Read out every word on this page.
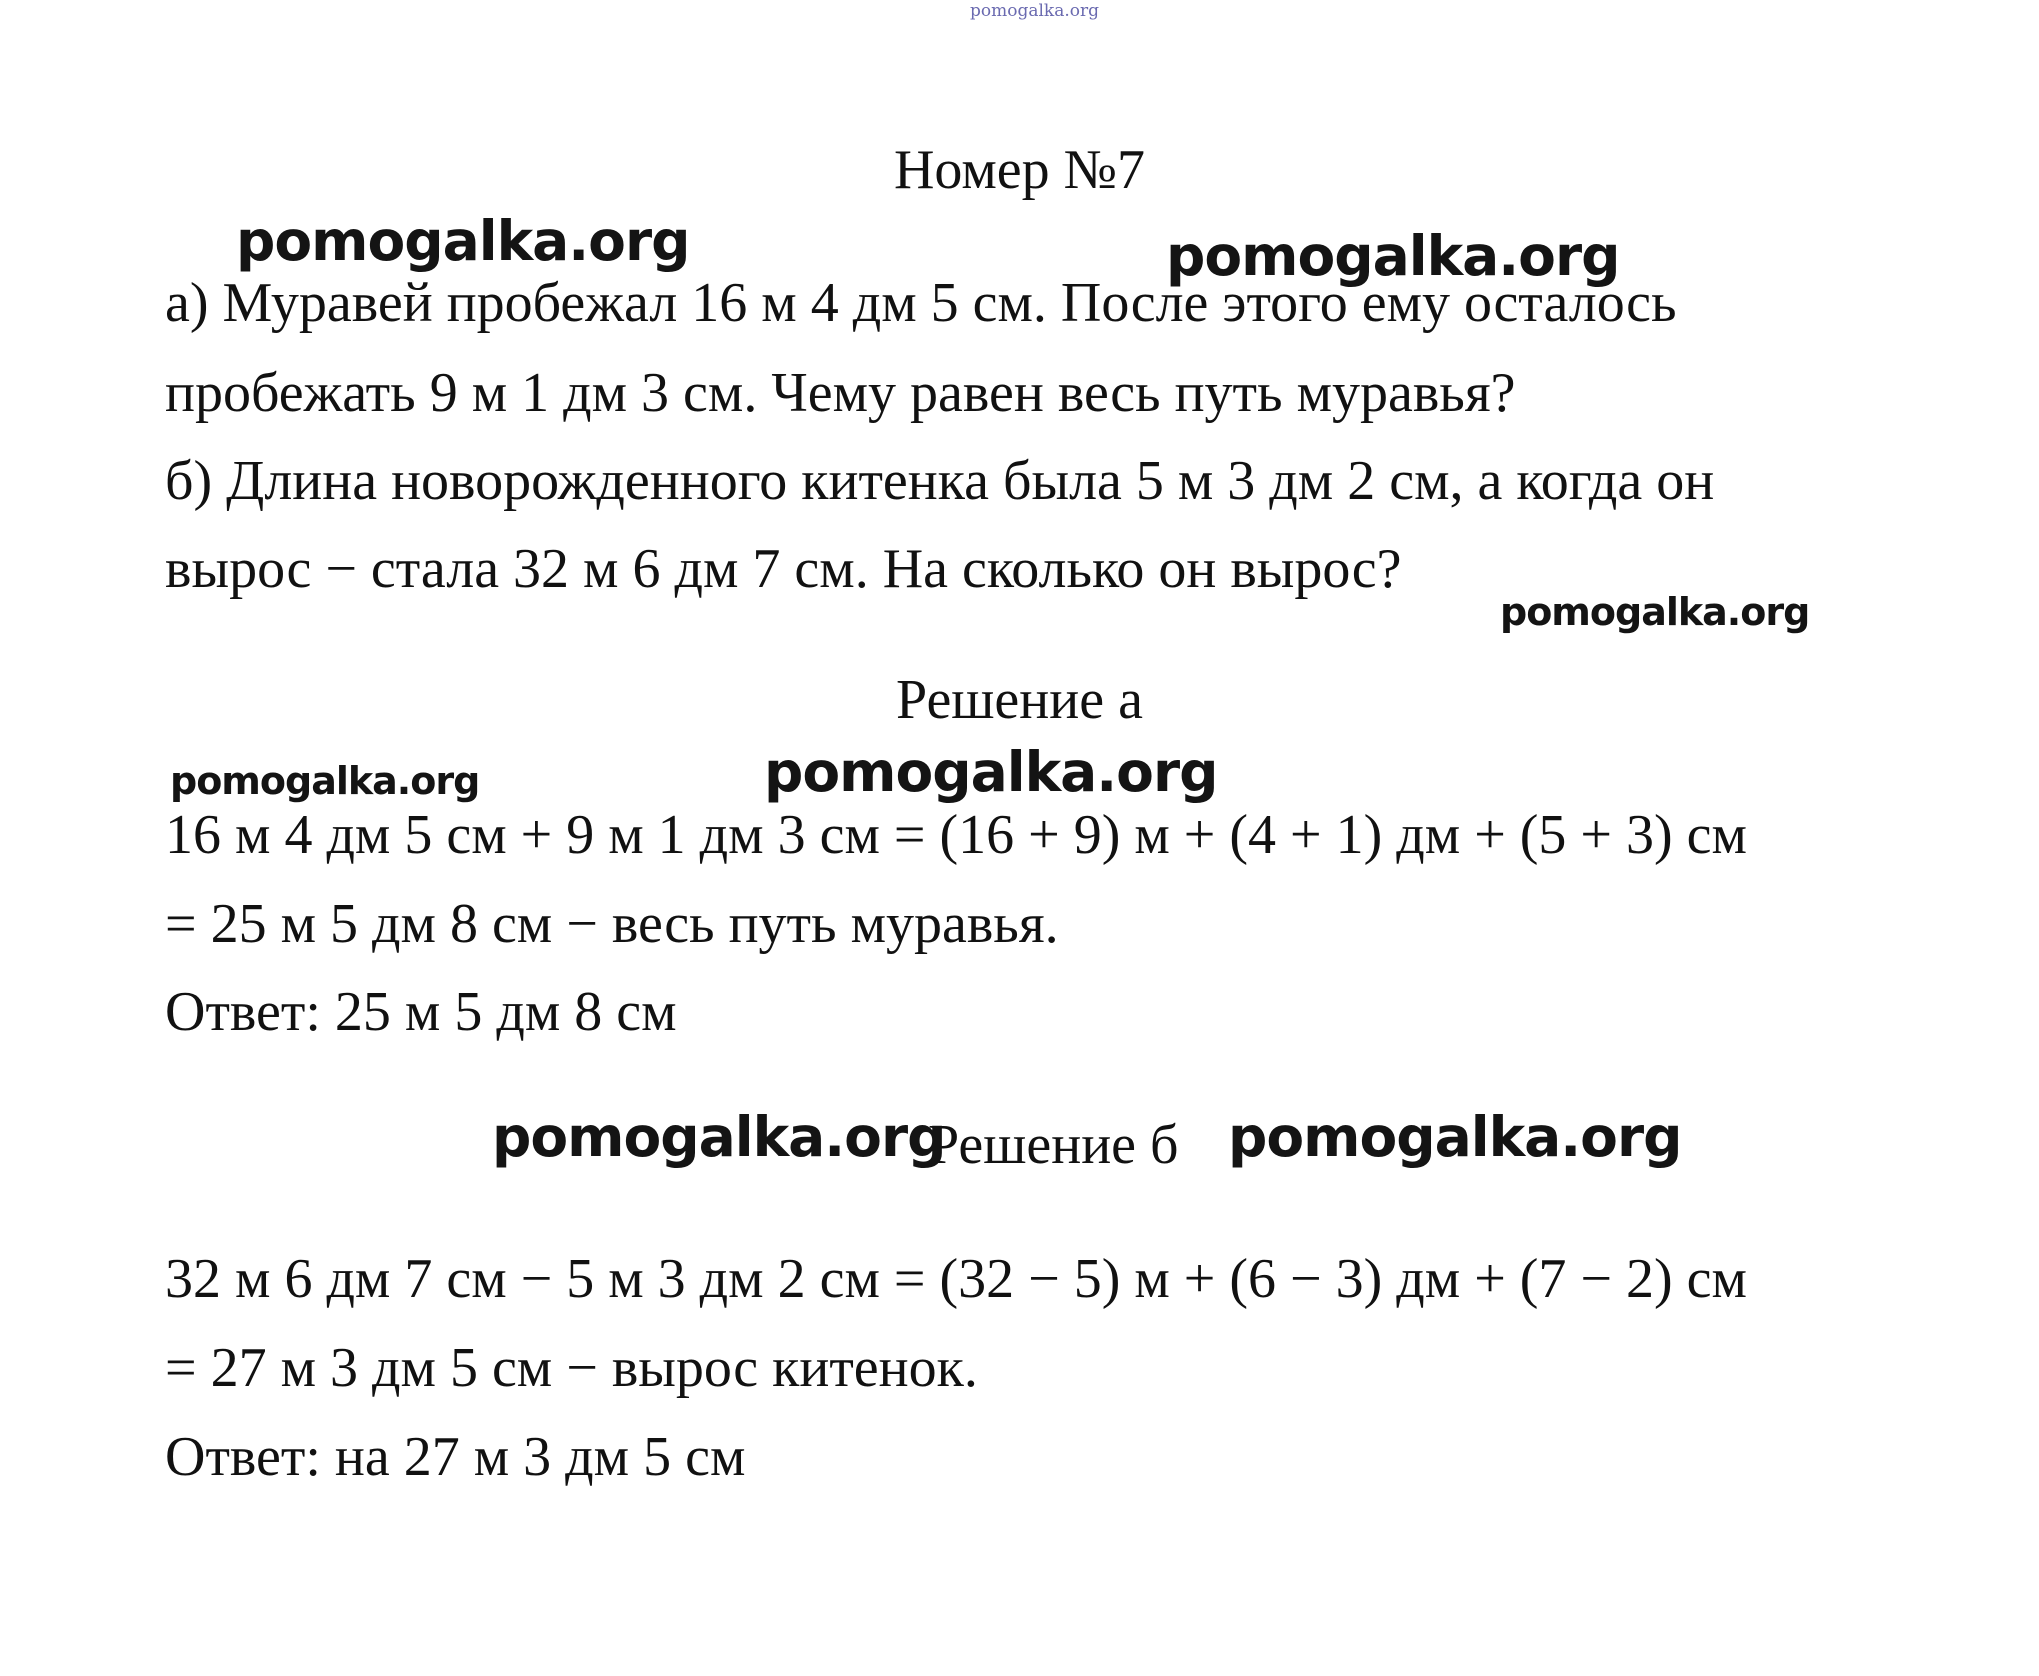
pomogalka.org
Номер №7
а) Муравей пробежал 16 м 4 дм 5 см. После этого ему осталось
пробежать 9 м 1 дм 3 см. Чему равен весь путь муравья?
б) Длина новорожденного китенка была 5 м 3 дм 2 см, а когда он
вырос − стала 32 м 6 дм 7 см. На сколько он вырос?
Решение а
16 м 4 дм 5 см + 9 м 1 дм 3 см = (16 + 9) м + (4 + 1) дм + (5 + 3) см
= 25 м 5 дм 8 см − весь путь муравья.
Ответ: 25 м 5 дм 8 см
Решение б
32 м 6 дм 7 см − 5 м 3 дм 2 см = (32 − 5) м + (6 − 3) дм + (7 − 2) см
= 27 м 3 дм 5 см − вырос китенок.
Ответ: на 27 м 3 дм 5 см
pomogalka.org	pomogalka.org
pomogalka.org
pomogalka.org	pomogalka.org
pomogalka.org	pomogalka.org
